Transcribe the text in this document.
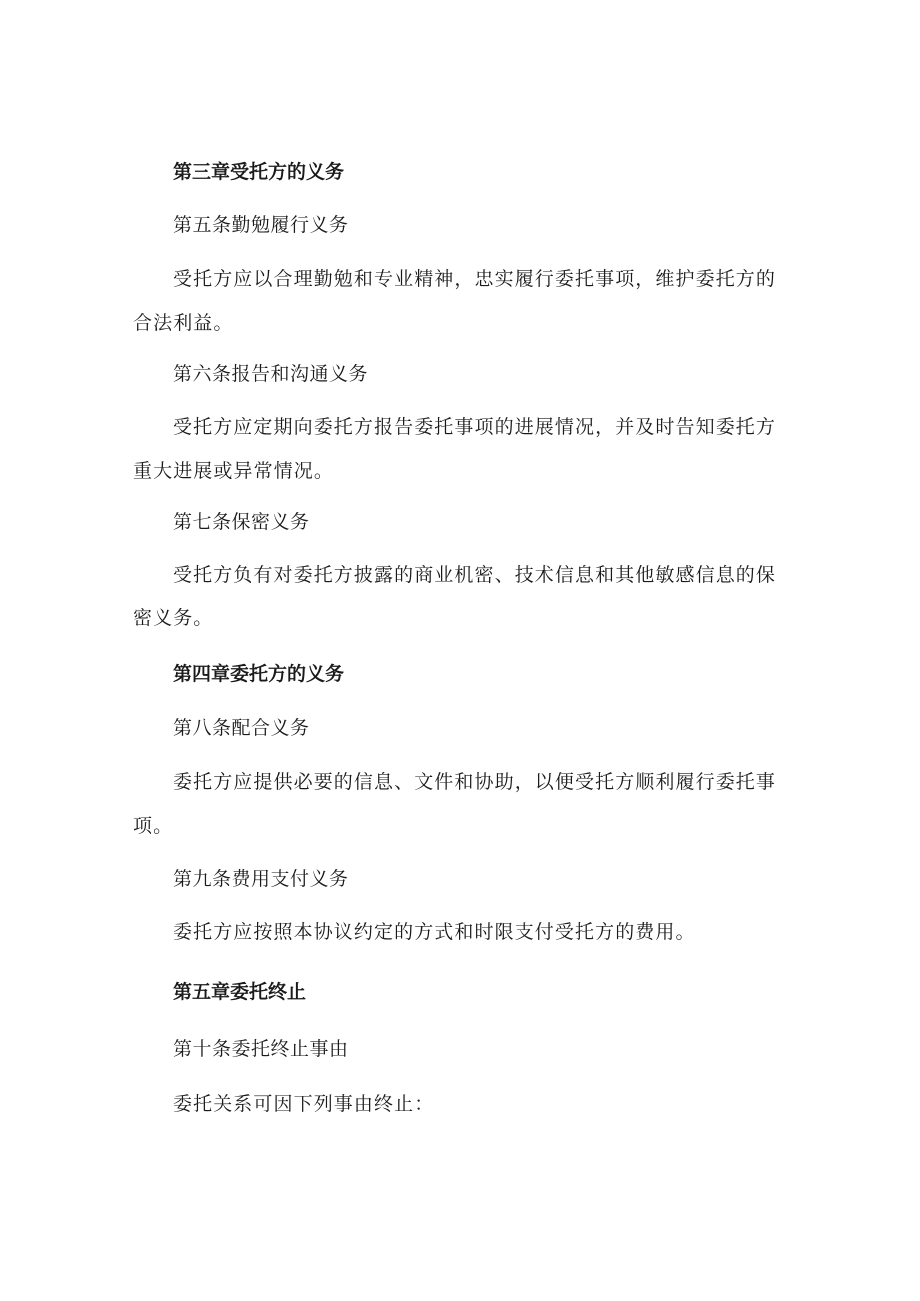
第三章受托方的义务
第五条勤勉履行义务
受托方应以合理勤勉和专业精神，忠实履行委托事项，维护委托方的
合法利益。
第六条报告和沟通义务
受托方应定期向委托方报告委托事项的进展情况，并及时告知委托方
重大进展或异常情况。
第七条保密义务
受托方负有对委托方披露的商业机密、技术信息和其他敏感信息的保
密义务。
第四章委托方的义务
第八条配合义务
委托方应提供必要的信息、文件和协助，以便受托方顺利履行委托事
项。
第九条费用支付义务
委托方应按照本协议约定的方式和时限支付受托方的费用。
第五章委托终止
第十条委托终止事由
委托关系可因下列事由终止：
